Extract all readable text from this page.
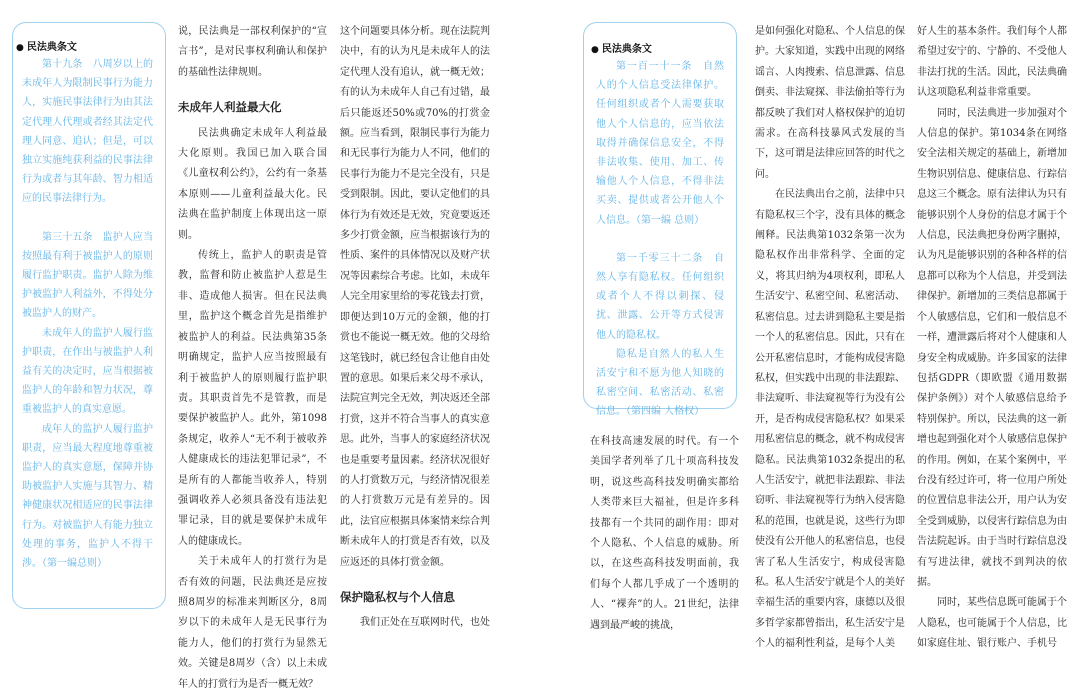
● 民法典条文

第十九条　八周岁以上的未成年人为限制民事行为能力人，实施民事法律行为由其法定代理人代理或者经其法定代理人同意、追认；但是，可以独立实施纯获利益的民事法律行为或者与其年龄、智力相适应的民事法律行为。

第三十五条　监护人应当按照最有利于被监护人的原则履行监护职责。监护人除为维护被监护人利益外，不得处分被监护人的财产。

未成年人的监护人履行监护职责，在作出与被监护人利益有关的决定时，应当根据被监护人的年龄和智力状况，尊重被监护人的真实意愿。

成年人的监护人履行监护职责，应当最大程度地尊重被监护人的真实意愿，保障并协助被监护人实施与其智力、精神健康状况相适应的民事法律行为。对被监护人有能力独立处理的事务，监护人不得干涉。（第一编总则）

说，民法典是一部权利保护的“宣言书”，是对民事权利确认和保护的基础性法律规则。

未成年人利益最大化

民法典确定未成年人利益最大化原则。我国已加入联合国《儿童权利公约》，公约有一条基本原则——儿童利益最大化。民法典在监护制度上体现出这一原则。

传统上，监护人的职责是管教，监督和防止被监护人惹是生非、造成他人损害。但在民法典里，监护这个概念首先是指维护被监护人的利益。民法典第35条明确规定，监护人应当按照最有利于被监护人的原则履行监护职责。其职责首先不是管教，而是要保护被监护人。此外，第1098条规定，收养人“无不利于被收养人健康成长的违法犯罪记录”，不是所有的人都能当收养人，特别强调收养人必须具备没有违法犯罪记录，目的就是要保护未成年人的健康成长。

关于未成年人的打赏行为是否有效的问题，民法典还是应按照8周岁的标准来判断区分，8周岁以下的未成年人是无民事行为能力人，他们的打赏行为显然无效。关键是8周岁（含）以上未成年人的打赏行为是否一概无效？

这个问题要具体分析。现在法院判决中，有的认为凡是未成年人的法定代理人没有追认，就一概无效；有的认为未成年人自己有过错，最后只能返还50%或70%的打赏金额。应当看到，限制民事行为能力和无民事行为能力人不同，他们的民事行为能力不是完全没有，只是受到限制。因此，要认定他们的具体行为有效还是无效，究竟要返还多少打赏金额，应当根据该行为的性质、案件的具体情况以及财产状况等因素综合考虑。比如，未成年人完全用家里给的零花钱去打赏，即便达到10万元的金额，他的打赏也不能说一概无效。他的父母给这笔钱时，就已经包含让他自由处置的意思。如果后来父母不承认，法院宣判完全无效，判决返还全部打赏，这并不符合当事人的真实意思。此外，当事人的家庭经济状况也是重要考量因素。经济状况很好的人打赏数万元，与经济情况很差的人打赏数万元是有差异的。因此，法官应根据具体案情来综合判断未成年人的打赏是否有效，以及应返还的具体打赏金额。

保护隐私权与个人信息

我们正处在互联网时代，也处

● 民法典条文

第一百一十一条　自然人的个人信息受法律保护。任何组织或者个人需要获取他人个人信息的，应当依法取得并确保信息安全，不得非法收集、使用、加工、传输他人个人信息，不得非法买卖、提供或者公开他人个人信息。（第一编 总则）

第一千零三十二条　自然人享有隐私权。任何组织或者个人不得以刺探、侵扰、泄露、公开等方式侵害他人的隐私权。

隐私是自然人的私人生活安宁和不愿为他人知晓的私密空间、私密活动、私密信息。（第四编 人格权）

在科技高速发展的时代。有一个美国学者列举了几十项高科技发明，说这些高科技发明确实都给人类带来巨大福祉，但是许多科技都有一个共同的副作用：即对个人隐私、个人信息的威胁。所以，在这些高科技发明面前，我们每个人都几乎成了一个透明的人、“裸奔”的人。21世纪，法律遇到最严峻的挑战，

是如何强化对隐私、个人信息的保护。大家知道，实践中出现的网络谣言、人肉搜索、信息泄露、信息倒卖、非法窥探、非法偷拍等行为都反映了我们对人格权保护的迫切需求。在高科技暴风式发展的当下，这可谓是法律应回答的时代之问。

在民法典出台之前，法律中只有隐私权三个字，没有具体的概念阐释。民法典第1032条第一次为隐私权作出非常科学、全面的定义，将其归纳为4项权利，即私人生活安宁、私密空间、私密活动、私密信息。过去讲到隐私主要是指一个人的私密信息。因此，只有在公开私密信息时，才能构成侵害隐私权，但实践中出现的非法跟踪、非法窥听、非法窥视等行为没有公开，是否构成侵害隐私权？如果采用私密信息的概念，就不构成侵害隐私。民法典第1032条提出的私人生活安宁，就把非法跟踪、非法窃听、非法窥视等行为纳入侵害隐私的范围，也就是说，这些行为即使没有公开他人的私密信息，也侵害了私人生活安宁，构成侵害隐私。私人生活安宁就是个人的美好幸福生活的重要内容，康德以及很多哲学家都曾指出，私生活安宁是个人的福利性利益，是每个人美

好人生的基本条件。我们每个人都希望过安宁的、宁静的、不受他人非法打扰的生活。因此，民法典确认这项隐私利益非常重要。

同时，民法典进一步加强对个人信息的保护。第1034条在网络安全法相关规定的基础上，新增加生物识别信息、健康信息、行踪信息这三个概念。原有法律认为只有能够识别个人身份的信息才属于个人信息，民法典把身份两字删掉，认为凡是能够识别的各种各样的信息都可以称为个人信息，并受到法律保护。新增加的三类信息都属于个人敏感信息，它们和一般信息不一样，遭泄露后将对个人健康和人身安全构成威胁。许多国家的法律包括GDPR（即欧盟《通用数据保护条例》）对个人敏感信息给予特别保护。所以，民法典的这一新增也起到强化对个人敏感信息保护的作用。例如，在某个案例中，平台没有经过许可，将一位用户所处的位置信息非法公开，用户认为安全受到威胁，以侵害行踪信息为由告法院起诉。由于当时行踪信息没有写进法律，就找不到判决的依据。

同时，某些信息既可能属于个人隐私，也可能属于个人信息，比如家庭住址、银行账户、手机号
